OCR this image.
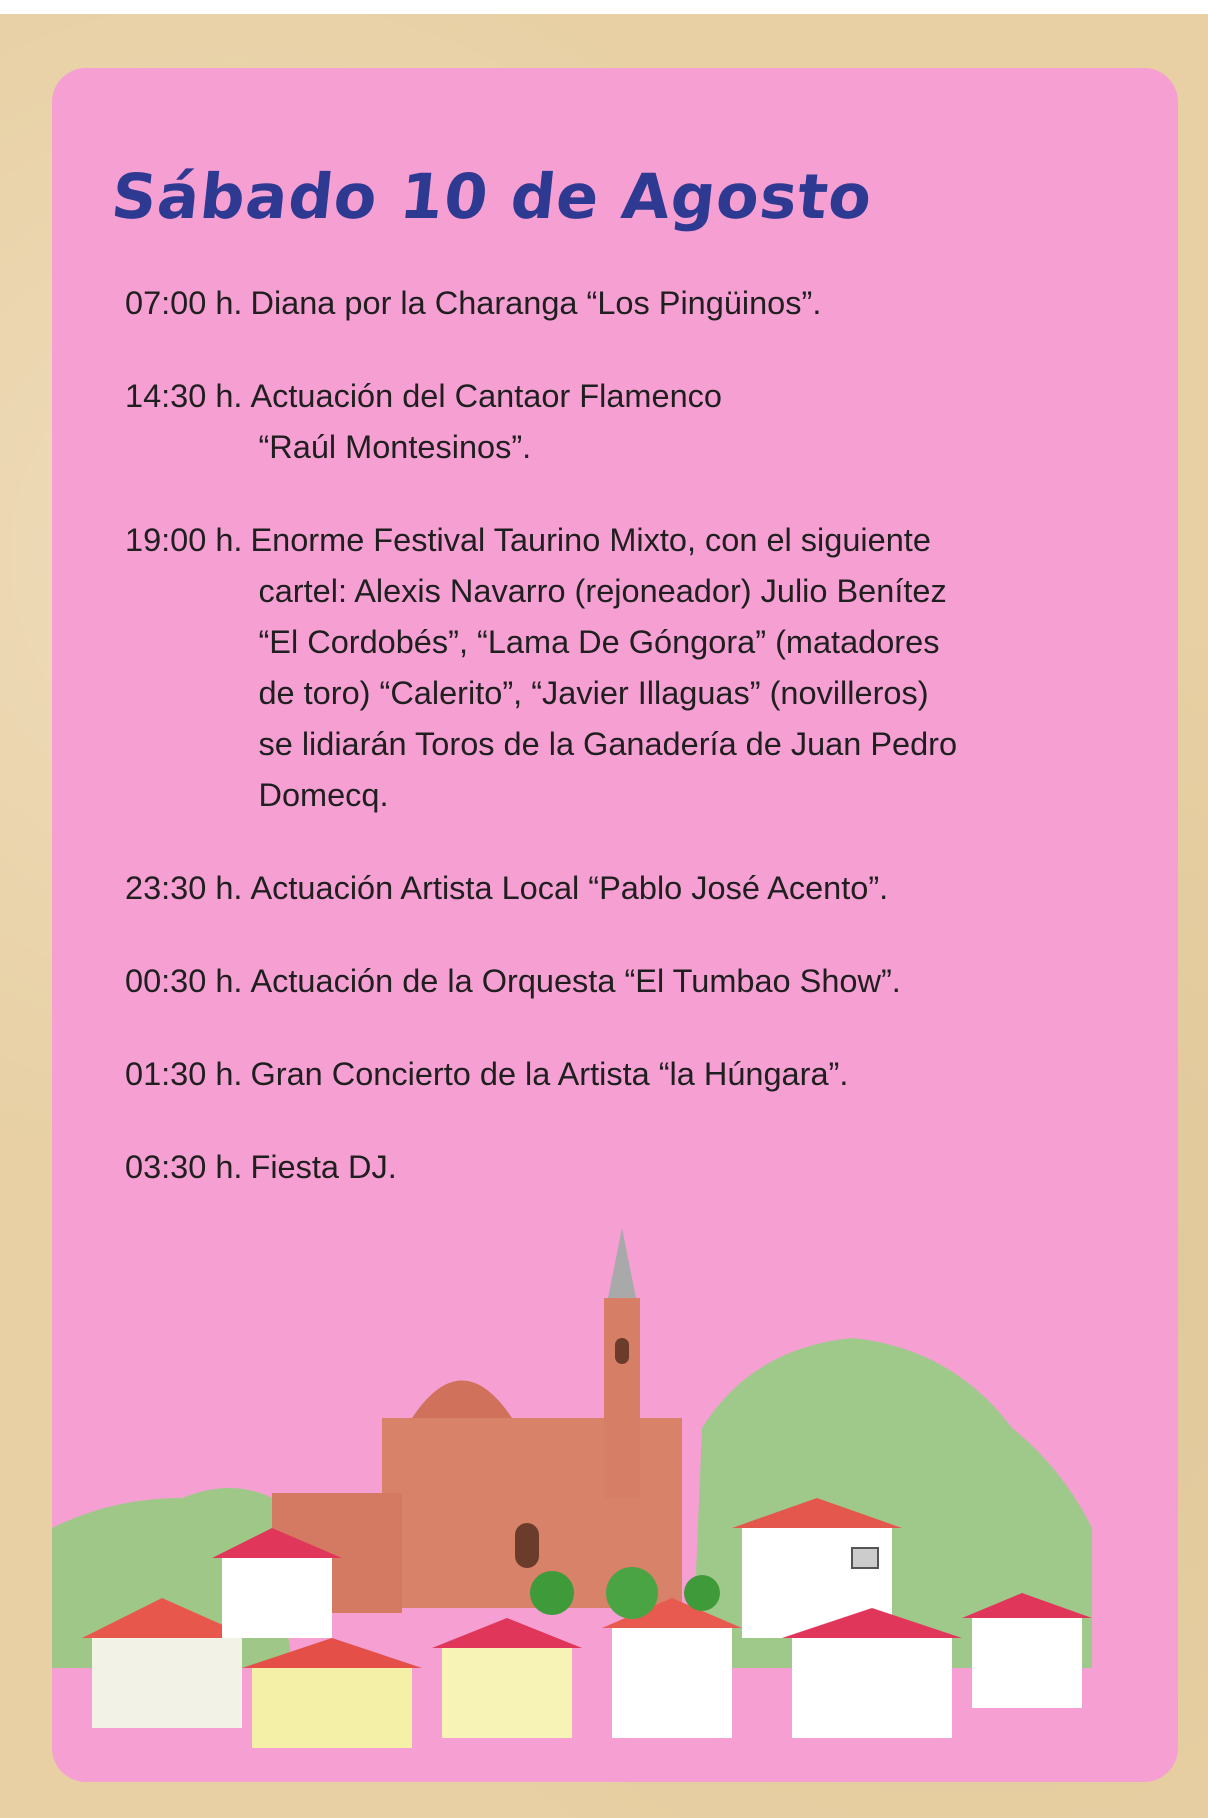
Sábado 10 de Agosto
07:00 h. Diana por la Charanga “Los Pingüinos”.
14:30 h. Actuación del Cantaor Flamenco
“Raúl Montesinos”.
19:00 h. Enorme Festival Taurino Mixto, con el siguiente
cartel: Alexis Navarro (rejoneador) Julio Benítez
“El Cordobés”, “Lama De Góngora” (matadores
de toro) “Calerito”, “Javier Illaguas” (novilleros)
se lidiarán Toros de la Ganadería de Juan Pedro
Domecq.
23:30 h. Actuación Artista Local “Pablo José Acento”.
00:30 h. Actuación de la Orquesta “El Tumbao Show”.
01:30 h. Gran Concierto de la Artista “la Húngara”.
03:30 h. Fiesta DJ.
